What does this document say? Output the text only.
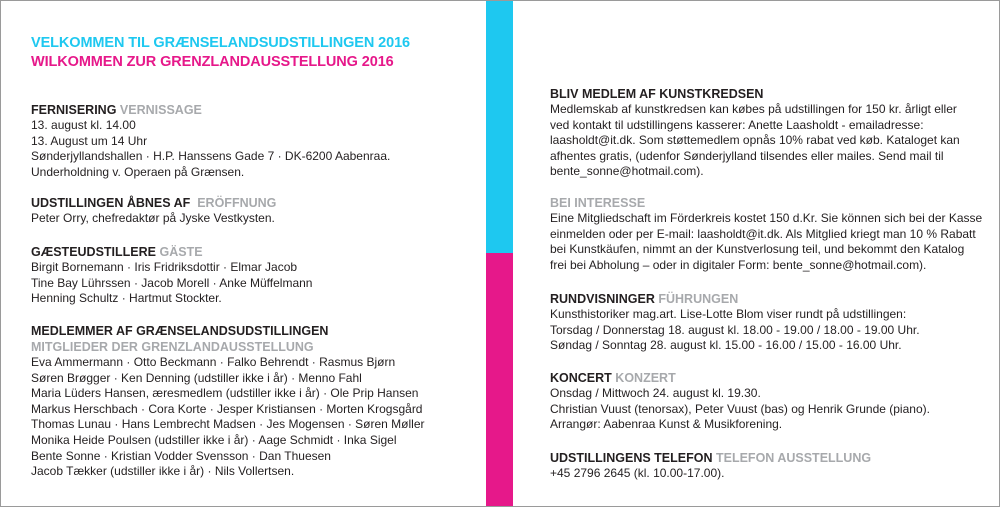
VELKOMMEN TIL GRÆNSELANDSUDSTILLINGEN 2016
WILKOMMEN ZUR GRENZLANDAUSSTELLUNG 2016
FERNISERING VERNISSAGE
13. august kl. 14.00
13. August um 14 Uhr
Sønderjyllandshallen · H.P. Hanssens Gade 7 · DK-6200 Aabenraa.
Underholdning v. Operaen på Grænsen.
UDSTILLINGEN ÅBNES AF ERÖFFNUNG
Peter Orry, chefredaktør på Jyske Vestkysten.
GÆSTEUDSTILLERE GÄSTE
Birgit Bornemann · Iris Fridriksdottir · Elmar Jacob
Tine Bay Lührssen · Jacob Morell · Anke Müffelmann
Henning Schultz · Hartmut Stockter.
MEDLEMMER AF GRÆNSELANDSUDSTILLINGEN
MITGLIEDER DER GRENZLANDAUSSTELLUNG
Eva Ammermann · Otto Beckmann · Falko Behrendt · Rasmus Bjørn
Søren Brøgger · Ken Denning (udstiller ikke i år) · Menno Fahl
Maria Lüders Hansen, æresmedlem (udstiller ikke i år) · Ole Prip Hansen
Markus Herschbach · Cora Korte · Jesper Kristiansen · Morten Krogsgård
Thomas Lunau · Hans Lembrecht Madsen · Jes Mogensen · Søren Møller
Monika Heide Poulsen (udstiller ikke i år) · Aage Schmidt · Inka Sigel
Bente Sonne · Kristian Vodder Svensson · Dan Thuesen
Jacob Tækker (udstiller ikke i år) · Nils Vollertsen.
BLIV MEDLEM AF KUNSTKREDSEN
Medlemskab af kunstkredsen kan købes på udstillingen for 150 kr. årligt eller
ved kontakt til udstillingens kasserer: Anette Laasholdt - emailadresse:
laasholdt@it.dk. Som støttemedlem opnås 10% rabat ved køb. Kataloget kan
afhentes gratis, (udenfor Sønderjylland tilsendes eller mailes. Send mail til
bente_sonne@hotmail.com).
BEI INTERESSE
Eine Mitgliedschaft im Förderkreis kostet 150 d.Kr. Sie können sich bei der Kasse
einmelden oder per E-mail: laasholdt@it.dk. Als Mitglied kriegt man 10 % Rabatt
bei Kunstkäufen, nimmt an der Kunstverlosung teil, und bekommt den Katalog
frei bei Abholung – oder in digitaler Form: bente_sonne@hotmail.com).
RUNDVISNINGER FÜHRUNGEN
Kunsthistoriker mag.art. Lise-Lotte Blom viser rundt på udstillingen:
Torsdag / Donnerstag 18. august kl. 18.00 - 19.00 / 18.00 - 19.00 Uhr.
Søndag / Sonntag 28. august kl. 15.00 - 16.00 / 15.00 - 16.00 Uhr.
KONCERT KONZERT
Onsdag / Mittwoch 24. august kl. 19.30.
Christian Vuust (tenorsax), Peter Vuust (bas) og Henrik Grunde (piano).
Arrangør: Aabenraa Kunst & Musikforening.
UDSTILLINGENS TELEFON TELEFON AUSSTELLUNG
+45 2796 2645 (kl. 10.00-17.00).
